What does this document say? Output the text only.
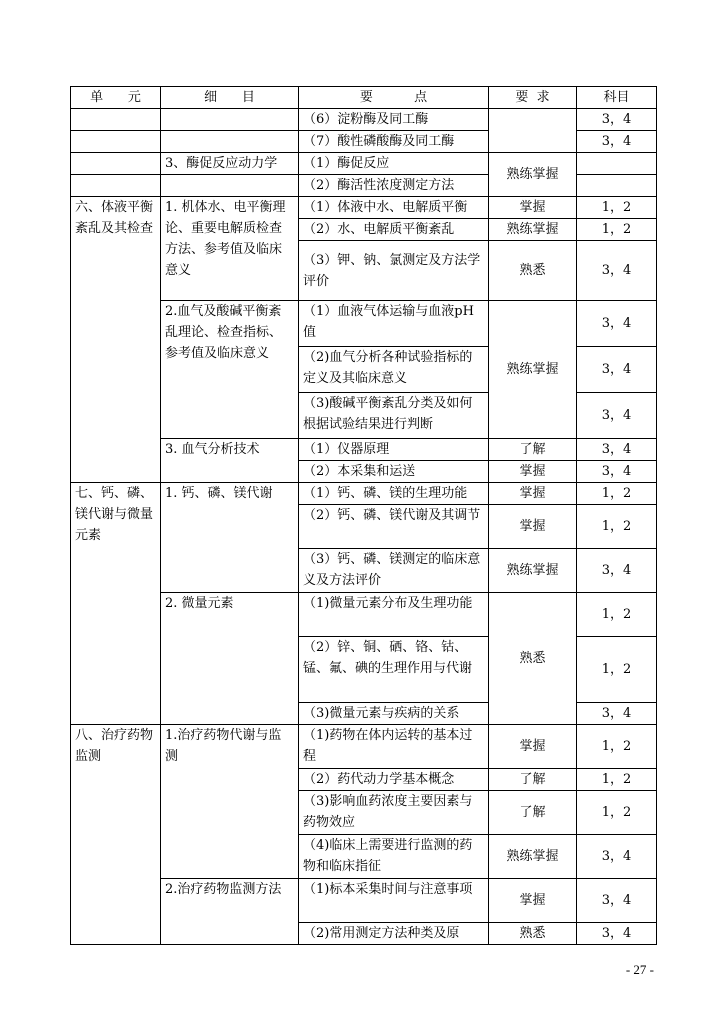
单      元	细      目	要          点	要  求	科目
		（6）淀粉酶及同工酶		3，4
		（7）酸性磷酸酶及同工酶		3，4
	3、酶促反应动力学	（1）酶促反应	熟练掌握	
		（2）酶活性浓度测定方法		
六、体液平衡紊乱及其检查	1. 机体水、电平衡理论、重要电解质检查方法、参考值及临床意义	（1）体液中水、电解质平衡	掌握	1，2
		（2）水、电解质平衡紊乱	熟练掌握	1，2
		（3）钾、钠、氯测定及方法学评价	熟悉	3，4
	2.血气及酸碱平衡紊乱理论、检查指标、参考值及临床意义	（1）血液气体运输与血液pH值	熟练掌握	3，4
		（2)血气分析各种试验指标的定义及其临床意义		3，4
		（3)酸碱平衡紊乱分类及如何根据试验结果进行判断		3，4
	3. 血气分析技术	（1）仪器原理	了解	3，4
		（2）本采集和运送	掌握	3，4
七、钙、磷、镁代谢与微量元素	1. 钙、磷、镁代谢	（1）钙、磷、镁的生理功能	掌握	1，2
		（2）钙、磷、镁代谢及其调节	掌握	1，2
		（3）钙、磷、镁测定的临床意义及方法评价	熟练掌握	3，4
	2. 微量元素	（1)微量元素分布及生理功能	熟悉	1，2
		（2）锌、铜、硒、铬、钴、锰、氟、碘的生理作用与代谢		1，2
		（3)微量元素与疾病的关系		3，4
八、治疗药物监测	1.治疗药物代谢与监测	（1)药物在体内运转的基本过程	掌握	1，2
		（2）药代动力学基本概念	了解	1，2
		（3)影响血药浓度主要因素与药物效应	了解	1，2
		（4)临床上需要进行监测的药物和临床指征	熟练掌握	3，4
	2.治疗药物监测方法	（1)标本采集时间与注意事项	掌握	3，4
		（2)常用测定方法种类及原	熟悉	3，4
- 27 -
